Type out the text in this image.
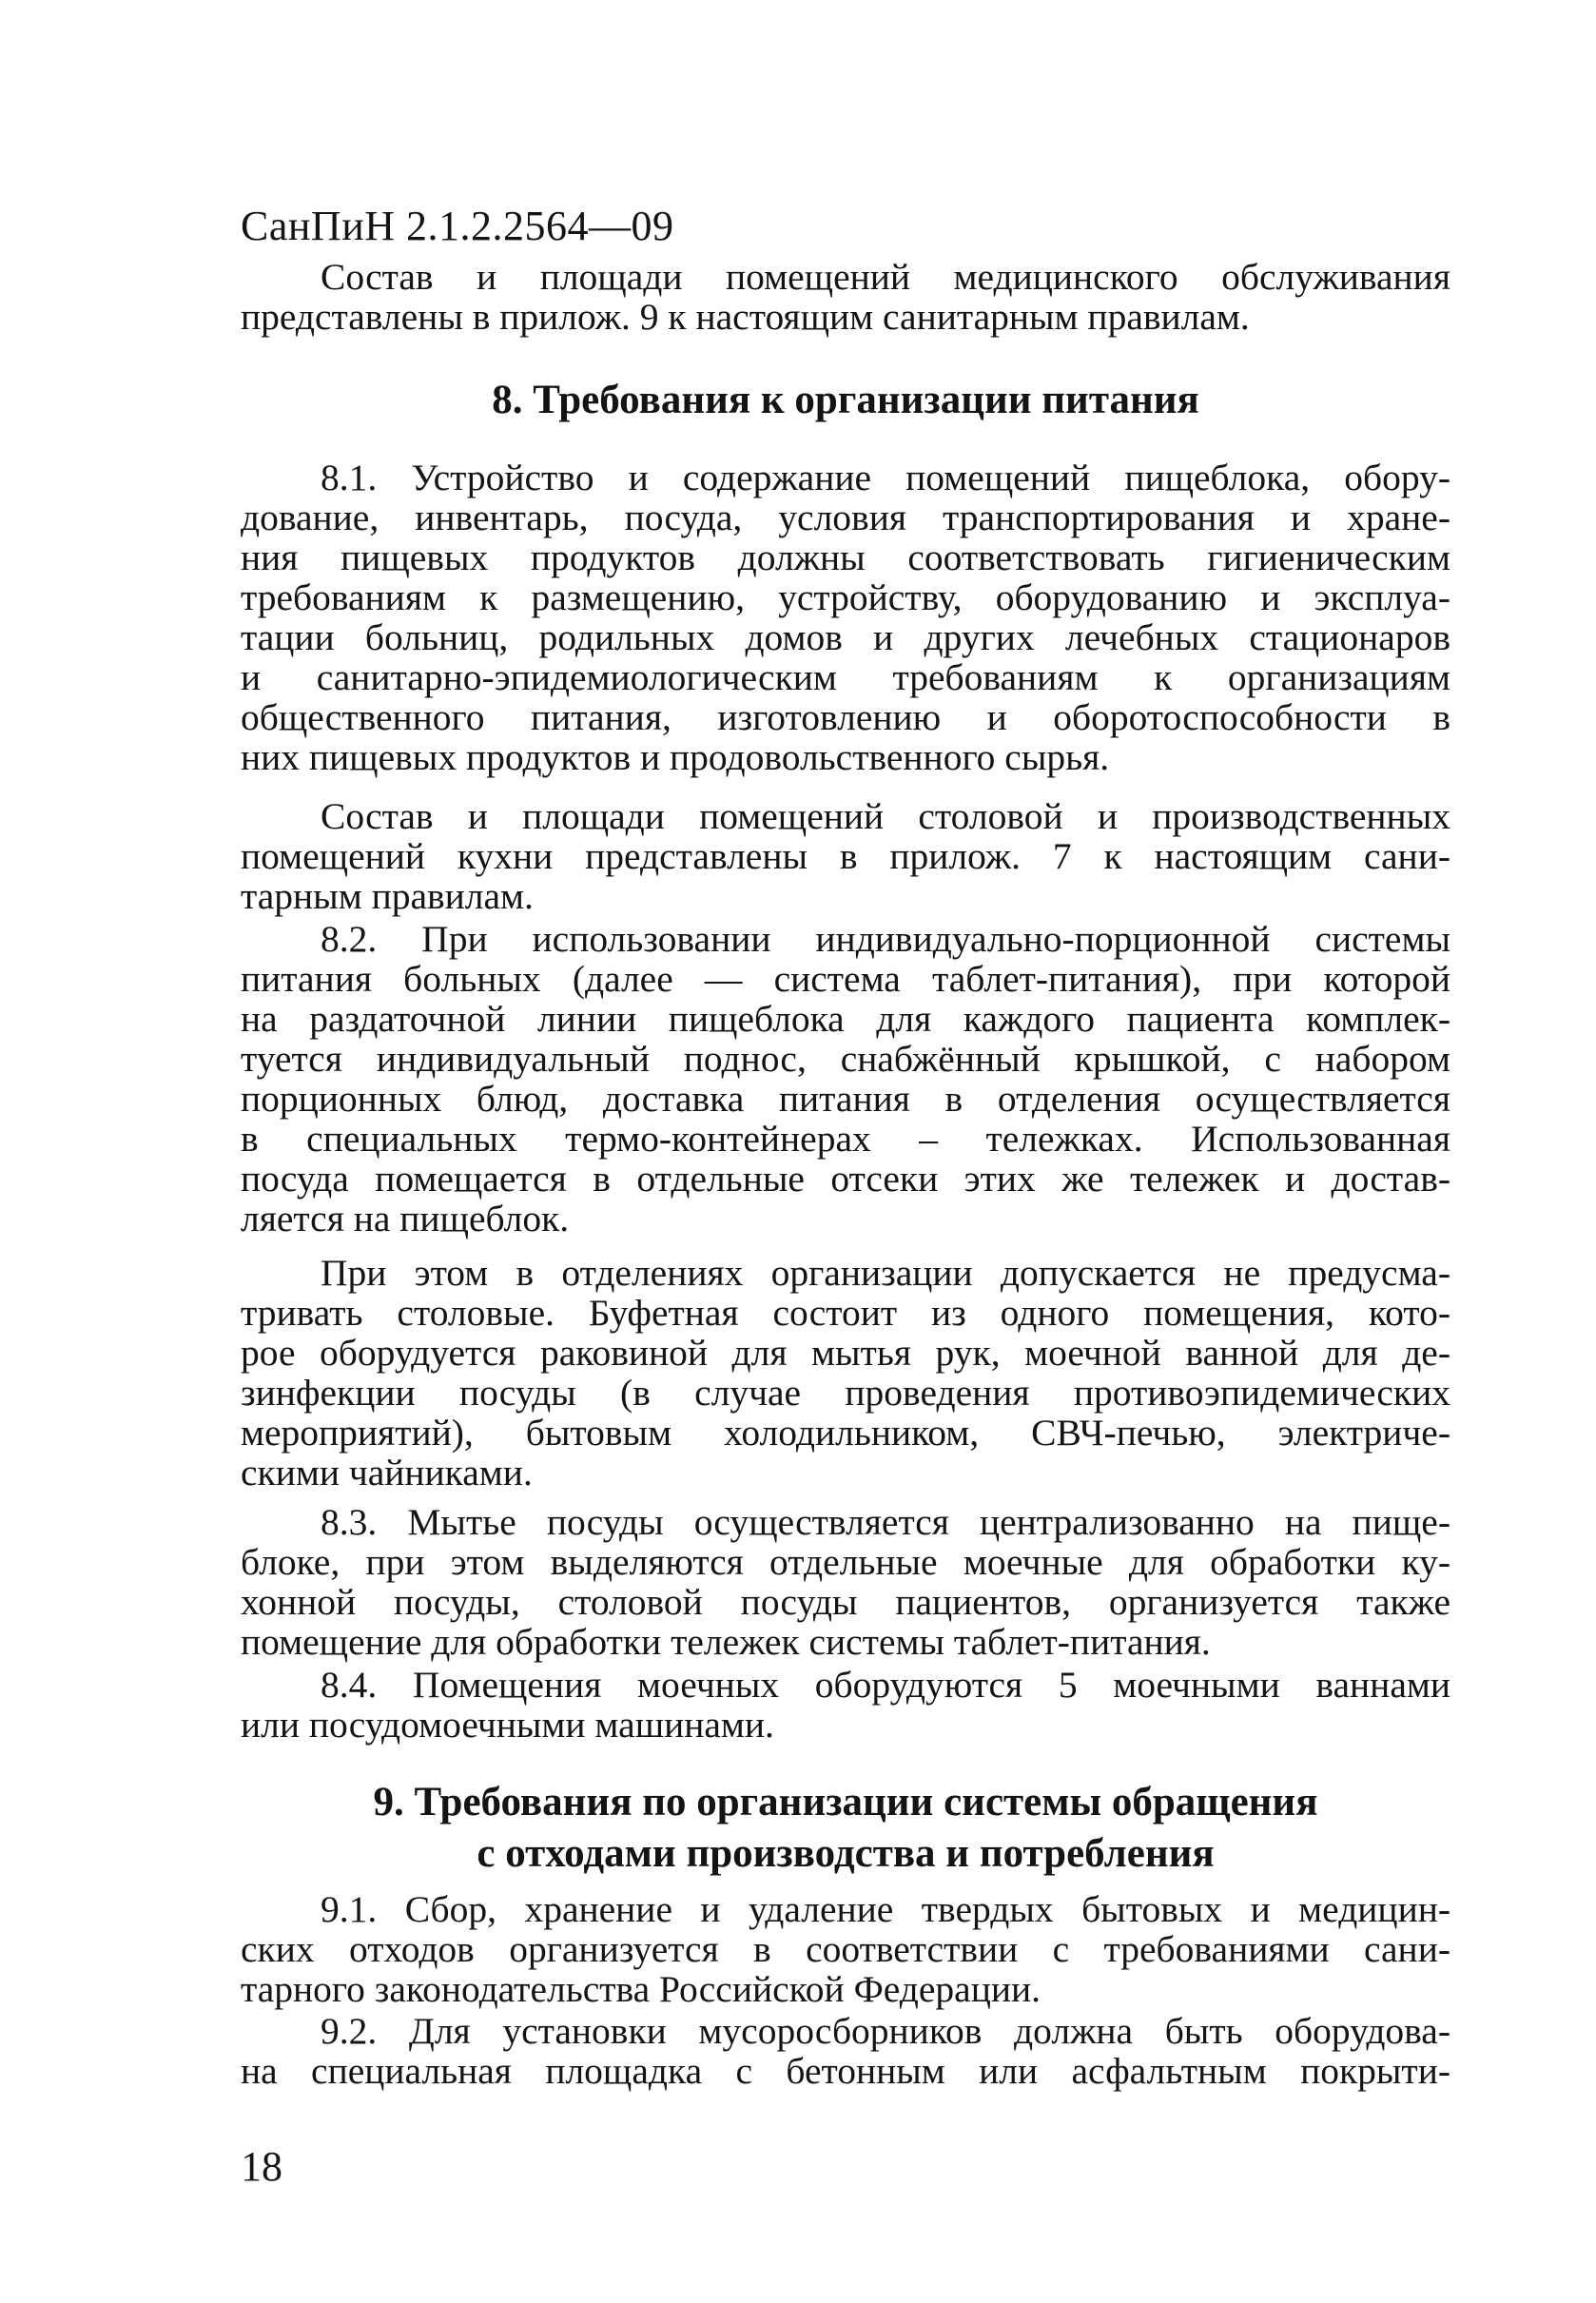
СанПиН 2.1.2.2564—09
Состав и площади помещений медицинского обслуживания
представлены в прилож. 9 к настоящим санитарным правилам.
8. Требования к организации питания
8.1. Устройство и содержание помещений пищеблока, обору-
дование, инвентарь, посуда, условия транспортирования и хране-
ния пищевых продуктов должны соответствовать гигиеническим
требованиям к размещению, устройству, оборудованию и эксплуа-
тации больниц, родильных домов и других лечебных стационаров
и санитарно-эпидемиологическим требованиям к организациям
общественного питания, изготовлению и оборотоспособности в
них пищевых продуктов и продовольственного сырья.
Состав и площади помещений столовой и производственных
помещений кухни представлены в прилож. 7 к настоящим сани-
тарным правилам.
8.2. При использовании индивидуально-порционной системы
питания больных (далее — система таблет-питания), при которой
на раздаточной линии пищеблока для каждого пациента комплек-
туется индивидуальный поднос, снабжённый крышкой, с набором
порционных блюд, доставка питания в отделения осуществляется
в специальных термо-контейнерах – тележках. Использованная
посуда помещается в отдельные отсеки этих же тележек и достав-
ляется на пищеблок.
При этом в отделениях организации допускается не предусма-
тривать столовые. Буфетная состоит из одного помещения, кото-
рое оборудуется раковиной для мытья рук, моечной ванной для де-
зинфекции посуды (в случае проведения противоэпидемических
мероприятий), бытовым холодильником, СВЧ-печью, электриче-
скими чайниками.
8.3. Мытье посуды осуществляется централизованно на пище-
блоке, при этом выделяются отдельные моечные для обработки ку-
хонной посуды, столовой посуды пациентов, организуется также
помещение для обработки тележек системы таблет-питания.
8.4. Помещения моечных оборудуются 5 моечными ваннами
или посудомоечными машинами.
9. Требования по организации системы обращения
с отходами производства и потребления
9.1. Сбор, хранение и удаление твердых бытовых и медицин-
ских отходов организуется в соответствии с требованиями сани-
тарного законодательства Российской Федерации.
9.2. Для установки мусоросборников должна быть оборудова-
на специальная площадка с бетонным или асфальтным покрыти-
18
